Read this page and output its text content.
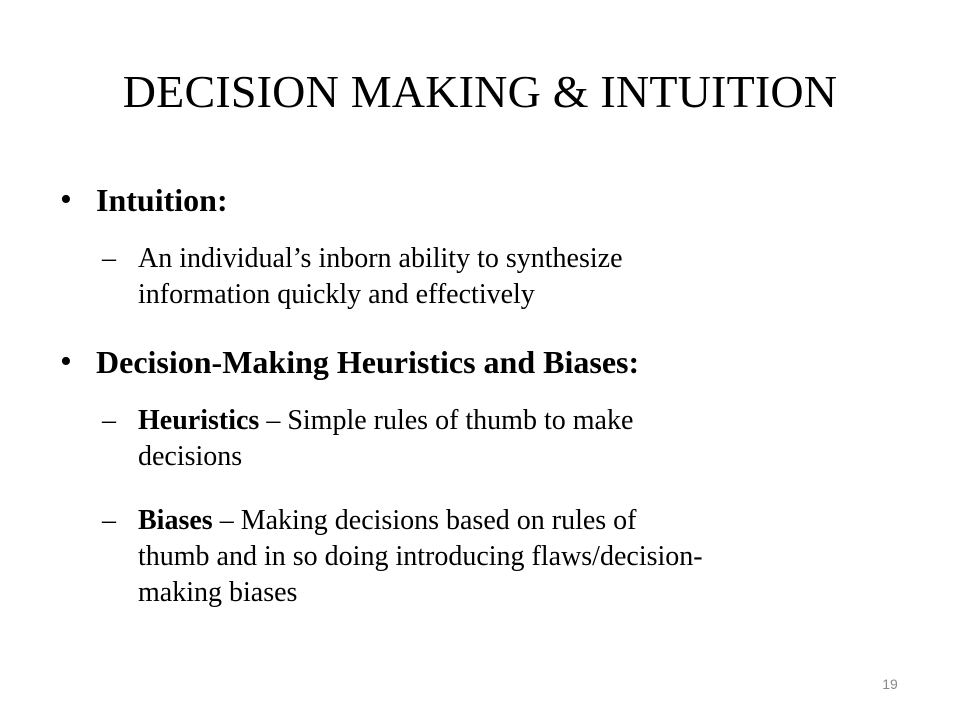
DECISION MAKING & INTUITION
• Intuition:
– An individual’s inborn ability to synthesize
information quickly and effectively
• Decision-Making Heuristics and Biases:
– Heuristics – Simple rules of thumb to make
decisions
– Biases – Making decisions based on rules of
thumb and in so doing introducing flaws/decision-
making biases
19
